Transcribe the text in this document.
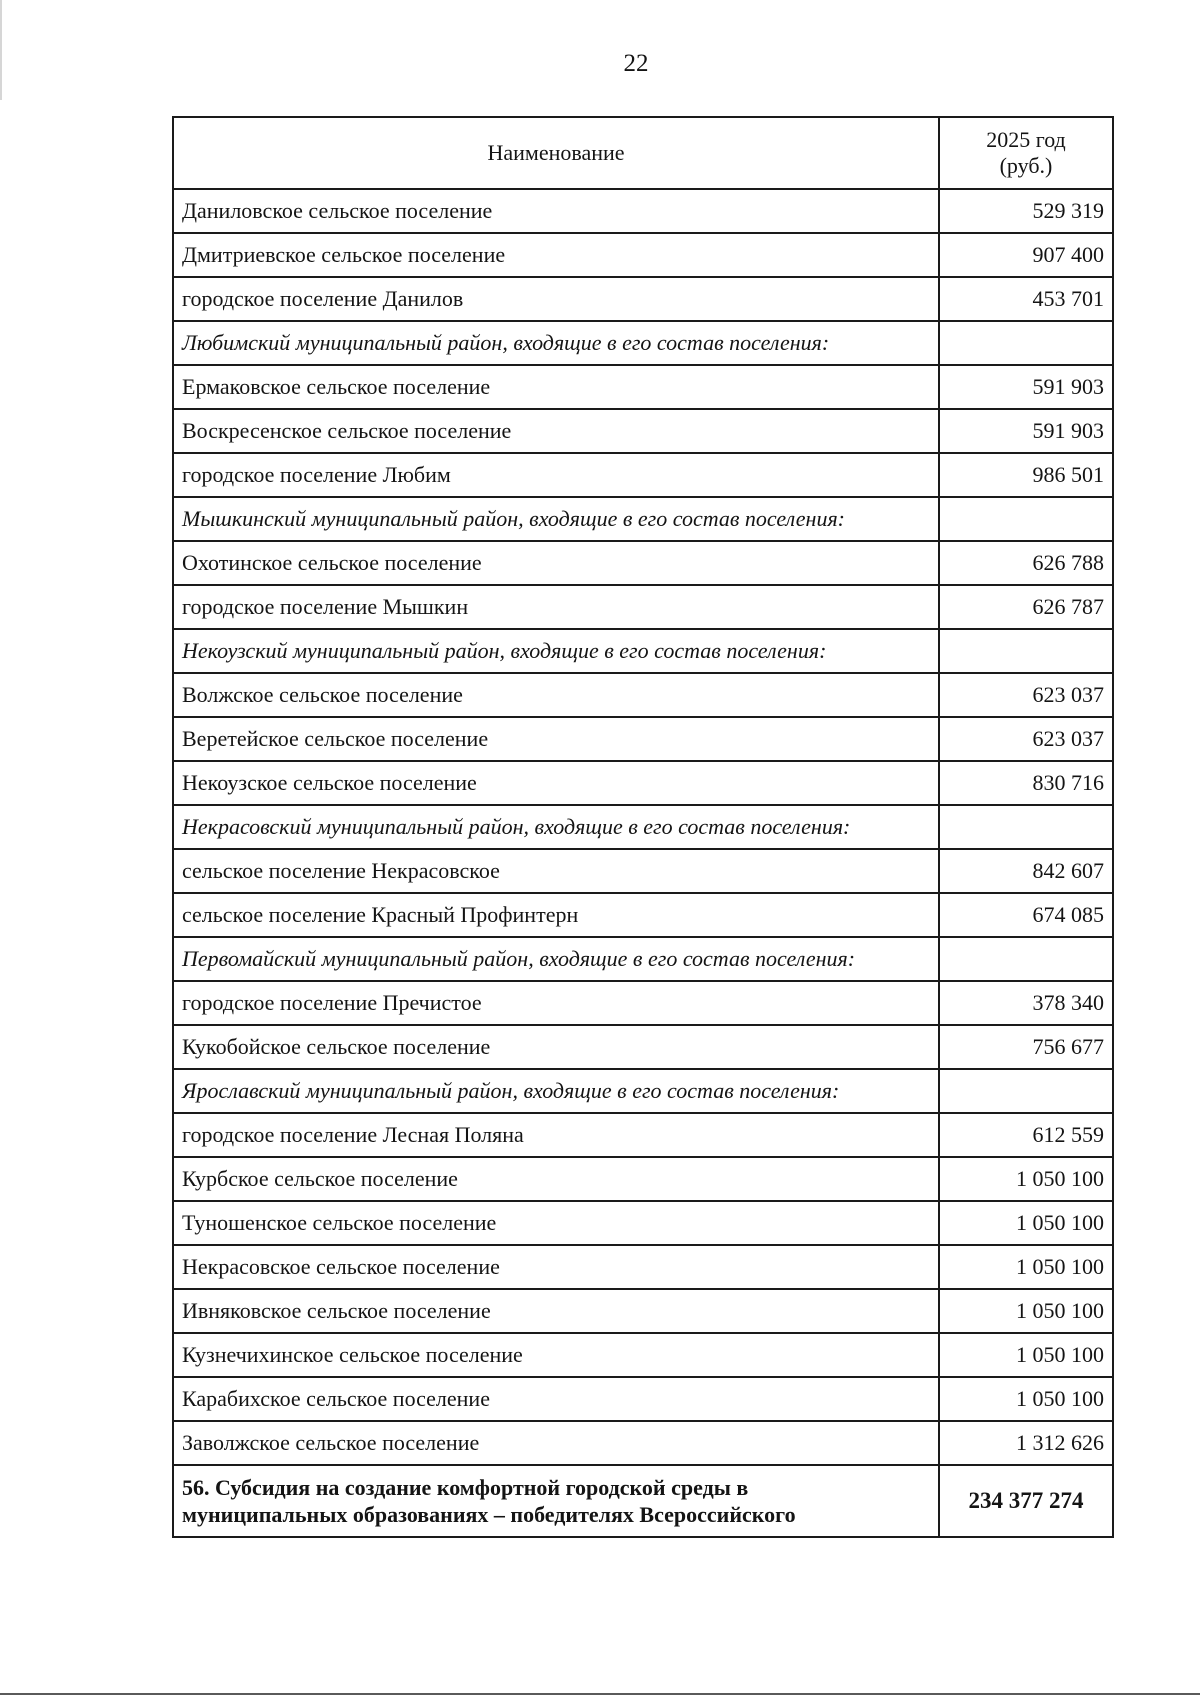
22
Наименование	2025 год
(руб.)
Даниловское сельское поселение	529 319
Дмитриевское сельское поселение	907 400
городское поселение Данилов	453 701
Любимский муниципальный район, входящие в его состав поселения:	
Ермаковское сельское поселение	591 903
Воскресенское сельское поселение	591 903
городское поселение Любим	986 501
Мышкинский муниципальный район, входящие в его состав поселения:	
Охотинское сельское поселение	626 788
городское поселение Мышкин	626 787
Некоузский муниципальный район, входящие в его состав поселения:	
Волжское сельское поселение	623 037
Веретейское сельское поселение	623 037
Некоузское сельское поселение	830 716
Некрасовский муниципальный район, входящие в его состав поселения:	
сельское поселение Некрасовское	842 607
сельское поселение Красный Профинтерн	674 085
Первомайский муниципальный район, входящие в его состав поселения:	
городское поселение Пречистое	378 340
Кукобойское сельское поселение	756 677
Ярославский муниципальный район, входящие в его состав поселения:	
городское поселение Лесная Поляна	612 559
Курбское сельское поселение	1 050 100
Туношенское сельское поселение	1 050 100
Некрасовское сельское поселение	1 050 100
Ивняковское сельское поселение	1 050 100
Кузнечихинское сельское поселение	1 050 100
Карабихское сельское поселение	1 050 100
Заволжское сельское поселение	1 312 626
56. Субсидия на создание комфортной городской среды в
муниципальных образованиях – победителях Всероссийского	234 377 274
